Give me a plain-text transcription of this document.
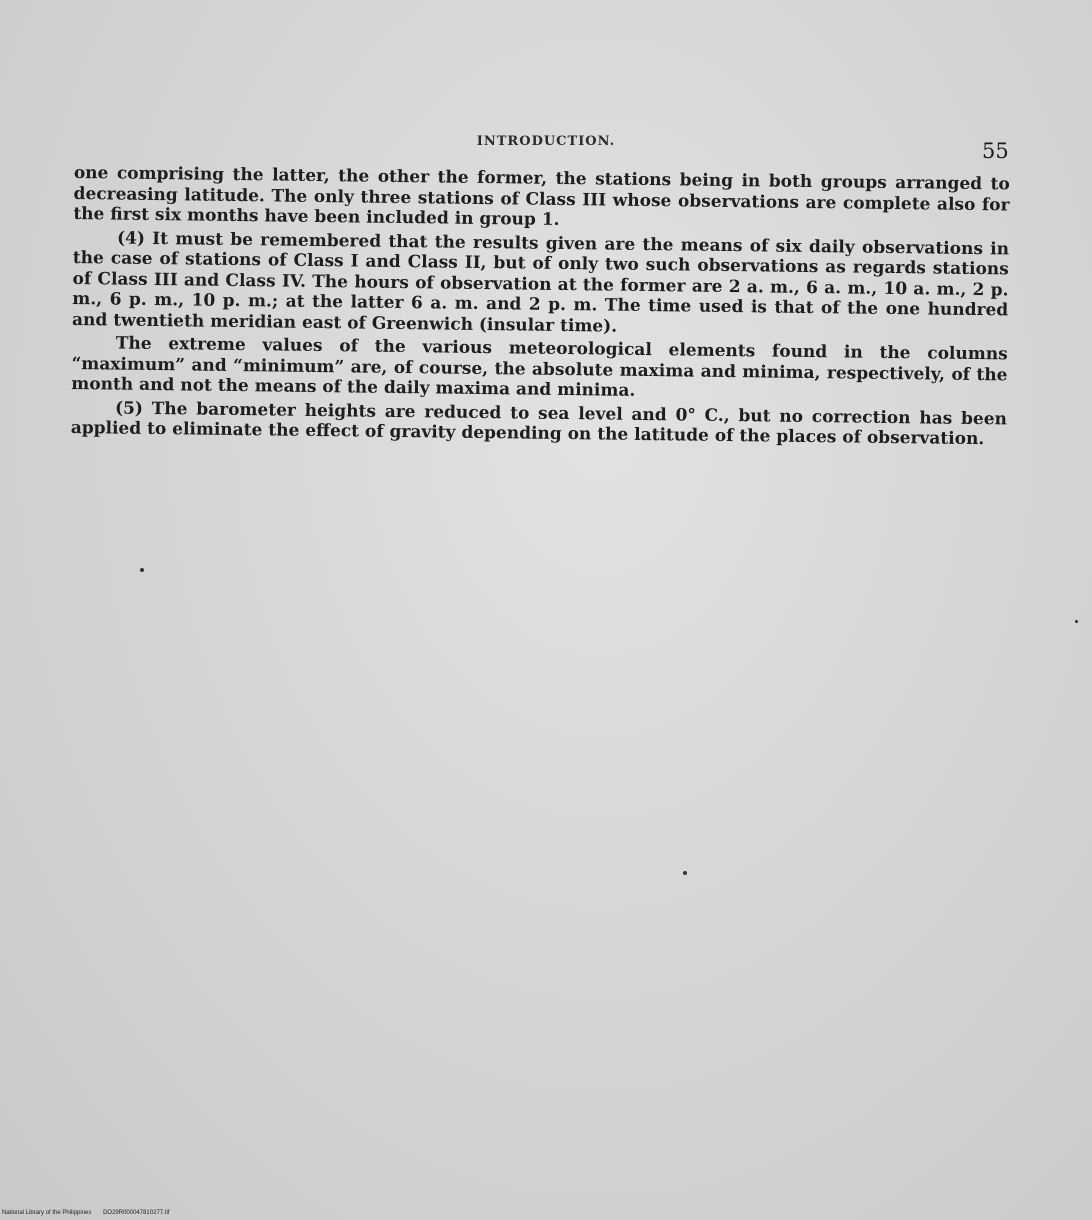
INTRODUCTION.	55

one comprising the latter, the other the former, the stations being in both groups arranged to decreasing latitude. The only three stations of Class III whose observations are complete also for the first six months have been included in group 1.

(4) It must be remembered that the results given are the means of six daily observations in the case of stations of Class I and Class II, but of only two such observations as regards stations of Class III and Class IV. The hours of observation at the former are 2 a. m., 6 a. m., 10 a. m., 2 p. m., 6 p. m., 10 p. m.; at the latter 6 a. m. and 2 p. m. The time used is that of the one hundred and twentieth meridian east of Greenwich (insular time).

The extreme values of the various meteorological elements found in the columns “maximum” and “minimum” are, of course, the absolute maxima and minima, respectively, of the month and not the means of the daily maxima and minima.

(5) The barometer heights are reduced to sea level and 0° C., but no correction has been applied to eliminate the effect of gravity depending on the latitude of the places of observation.

National Library of the Philippines DO29R000047810277.tif
